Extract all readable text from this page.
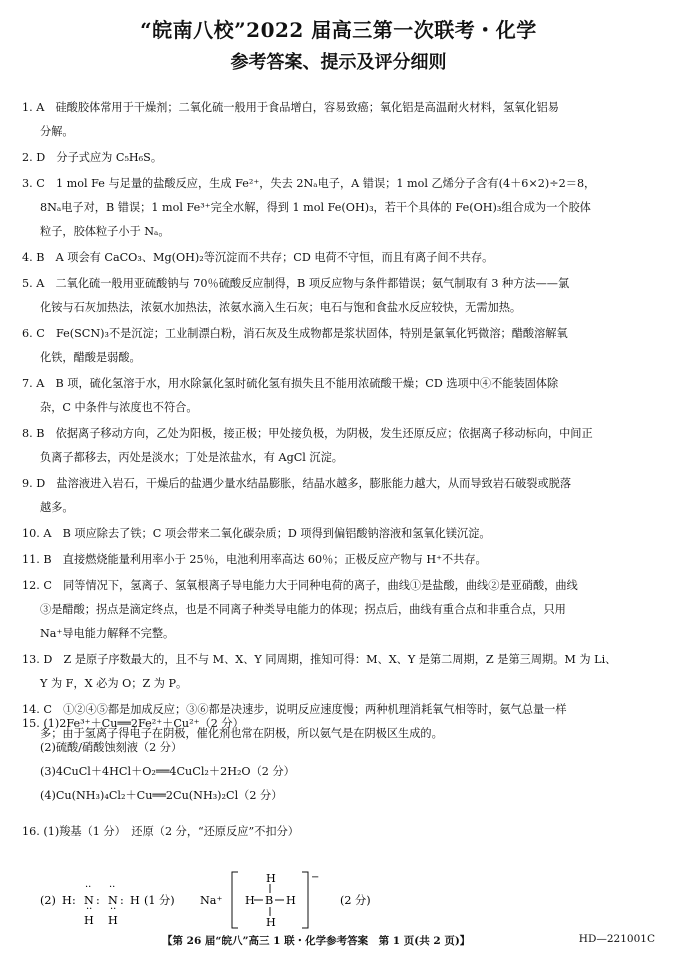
“皖南八校”2022 届高三第一次联考・化学
参考答案、提示及评分细则
1. A　硅酸胶体常用于干燥剂；二氧化硫一般用于食品增白，容易致癌；氧化铝是高温耐火材料，氢氧化铝易
分解。
2. D　分子式应为 C₅H₆S。
3. C　1 mol Fe 与足量的盐酸反应，生成 Fe²⁺，失去 2Nₐ电子，A 错误；1 mol 乙烯分子含有(4＋6×2)÷2＝8，
8Nₐ电子对，B 错误；1 mol Fe³⁺完全水解，得到 1 mol Fe(OH)₃，若干个具体的 Fe(OH)₃组合成为一个胶体
粒子，胶体粒子小于 Nₐ。
4. B　A 项会有 CaCO₃、Mg(OH)₂等沉淀而不共存；CD 电荷不守恒，而且有离子间不共存。
5. A　二氧化硫一般用亚硫酸钠与 70％硫酸反应制得，B 项反应物与条件都错误；氨气制取有 3 种方法——氯
化铵与石灰加热法，浓氨水加热法，浓氨水滴入生石灰；电石与饱和食盐水反应较快，无需加热。
6. C　Fe(SCN)₃不是沉淀；工业制漂白粉，消石灰及生成物都是浆状固体，特别是氯氧化钙微溶；醋酸溶解氧
化铁，醋酸是弱酸。
7. A　B 项，硫化氢溶于水，用水除氯化氢时硫化氢有损失且不能用浓硫酸干燥；CD 选项中④不能装固体除
杂，C 中条件与浓度也不符合。
8. B　依据离子移动方向，乙处为阳极，接正极；甲处接负极，为阴极，发生还原反应；依据离子移动标向，中间正
负离子都移去，丙处是淡水；丁处是浓盐水，有 AgCl 沉淀。
9. D　盐溶液进入岩石，干燥后的盐遇少量水结晶膨胀，结晶水越多，膨胀能力越大，从而导致岩石破裂或脱落
越多。
10. A　B 项应除去了铁；C 项会带来二氧化碳杂质；D 项得到偏铝酸钠溶液和氢氧化镁沉淀。
11. B　直接燃烧能量利用率小于 25％，电池利用率高达 60％；正极反应产物与 H⁺不共存。
12. C　同等情况下，氢离子、氢氧根离子导电能力大于同种电荷的离子，曲线①是盐酸，曲线②是亚硝酸，曲线
③是醋酸；拐点是滴定终点，也是不同离子种类导电能力的体现；拐点后，曲线有重合点和非重合点，只用
Na⁺导电能力解释不完整。
13. D　Z 是原子序数最大的，且不与 M、X、Y 同周期，推知可得：M、X、Y 是第二周期，Z 是第三周期。M 为 Li、
Y 为 F，X 必为 O；Z 为 P。
14. C　①②④⑤都是加成反应；③⑥都是决速步，说明反应速度慢；两种机理消耗氧气相等时，氨气总量一样
多；由于氢离子得电子在阴极，催化剂也常在阴极，所以氨气是在阴极区生成的。
15. (1)2Fe³⁺＋Cu══2Fe²⁺＋Cu²⁺（2 分）
(2)硫酸/硝酸蚀刻液（2 分）
(3)4CuCl＋4HCl＋O₂══4CuCl₂＋2H₂O（2 分）
(4)Cu(NH₃)₄Cl₂＋Cu══2Cu(NH₃)₂Cl（2 分）
16. (1)羧基（1 分）　还原（2 分，“还原反应”不扣分）
(2) H : N : N : H
·· ··
·· ··
H H
(1 分) Na⁺
−
H
H B H
H
(2 分)
【第 26 届“皖八”高三 1 联・化学参考答案　第 1 页(共 2 页)】	HD—221001C
